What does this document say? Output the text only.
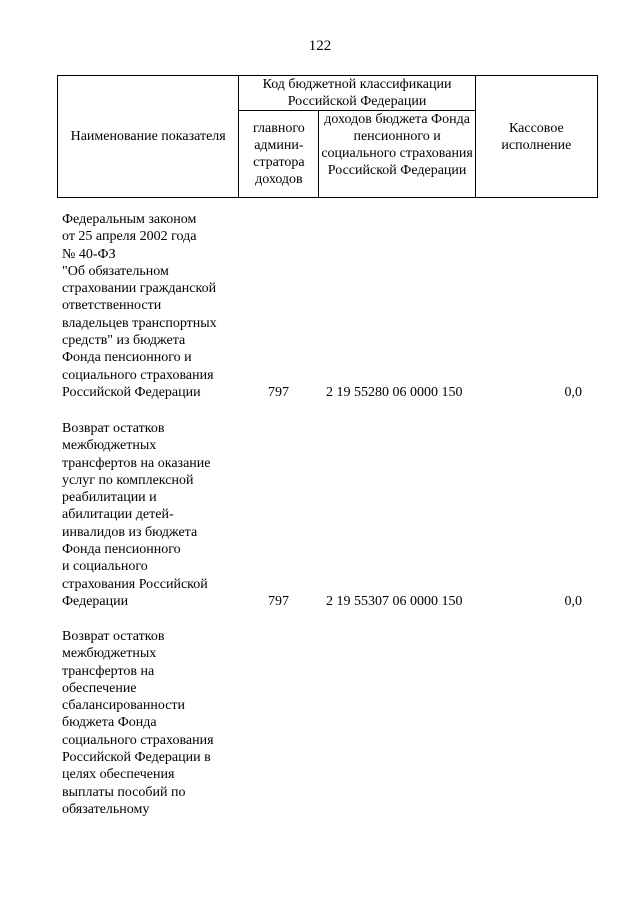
122
Наименование показателя	Код бюджетной классификации Российской Федерации		Кассовое исполнение
	главного админи-стратора доходов	доходов бюджета Фонда пенсионного и социального страхования Российской Федерации	
Федеральным законом
от 25 апреля 2002 года
№ 40-ФЗ
"Об обязательном
страховании гражданской
ответственности
владельцев транспортных
средств" из бюджета
Фонда пенсионного и
социального страхования
Российской Федерации	797	2 19 55280 06 0000 150	0,0
Возврат остатков
межбюджетных
трансфертов на оказание
услуг по комплексной
реабилитации и
абилитации детей-
инвалидов из бюджета
Фонда пенсионного
и социального
страхования Российской
Федерации	797	2 19 55307 06 0000 150	0,0
Возврат остатков
межбюджетных
трансфертов на
обеспечение
сбалансированности
бюджета Фонда
социального страхования
Российской Федерации в
целях обеспечения
выплаты пособий по
обязательному
